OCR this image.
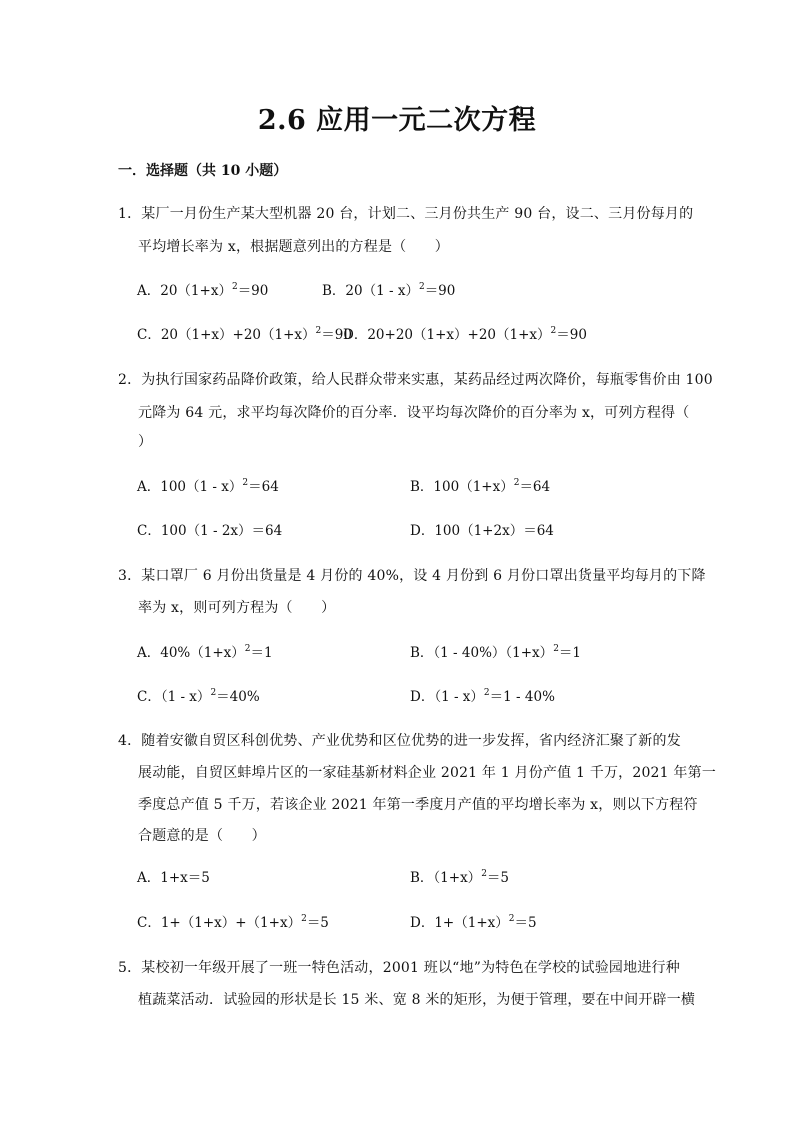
2.6 应用一元二次方程
一．选择题（共 10 小题）
1．某厂一月份生产某大型机器 20 台，计划二、三月份共生产 90 台，设二、三月份每月的
平均增长率为 x，根据题意列出的方程是（　　）
A．$20(1+x)^2=90$	B．20（1 - x）$^2$＝90
C．$20(1+x)+20(1+x)^2=90$
D．$20+20(1+x)+20(1+x)^2=90$
2．为执行国家药品降价政策，给人民群众带来实惠，某药品经过两次降价，每瓶零售价由 100
元降为 64 元，求平均每次降价的百分率．设平均每次降价的百分率为 x，可列方程得（
）
A．100（1 - x）$^2$＝64	B．$100(1+x)^2=64$
C．100（1 - 2x）＝64	D．100（1+2x）＝64
3．某口罩厂 6 月份出货量是 4 月份的 40%，设 4 月份到 6 月份口罩出货量平均每月的下降
率为 x，则可列方程为（　　）
A．$40\%(1+x)^2=1$	B．$(1 - 40\%)(1+x)^2=1$
C．（1 - x）$^2$＝40%	D．（1 - x）$^2$＝1 - 40%
4．随着安徽自贸区科创优势、产业优势和区位优势的进一步发挥，省内经济汇聚了新的发
展动能，自贸区蚌埠片区的一家硅基新材料企业 2021 年 1 月份产值 1 千万，2021 年第一
季度总产值 5 千万，若该企业 2021 年第一季度月产值的平均增长率为 x，则以下方程符
合题意的是（　　）
A．1+x＝5	B．$(1+x)^2=5$
C．$1+(1+x)+(1+x)^2=5$	D．$1+(1+x)^2=5$
5．某校初一年级开展了一班一特色活动，2001 班以“地”为特色在学校的试验园地进行种
植蔬菜活动．试验园的形状是长 15 米、宽 8 米的矩形，为便于管理，要在中间开辟一横
